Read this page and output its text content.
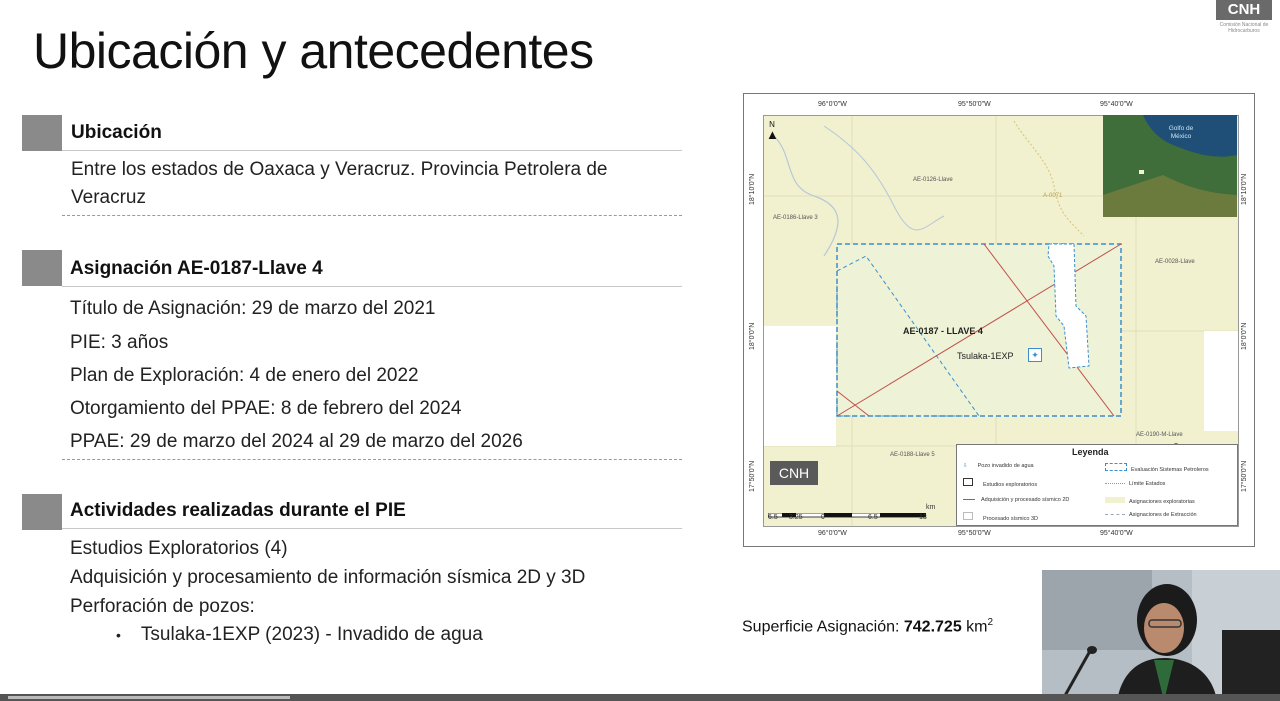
CNH
Comisión Nacional de Hidrocarburos
Ubicación y antecedentes
Ubicación
Entre los estados de Oaxaca y Veracruz. Provincia Petrolera de
Veracruz
Asignación AE-0187-Llave 4
Título de Asignación: 29 de marzo del 2021
PIE: 3 años
Plan de Exploración: 4 de enero del 2022
Otorgamiento del PPAE: 8 de febrero del 2024
PPAE: 29 de marzo del 2024 al 29 de marzo del 2026
Actividades realizadas durante el PIE
Estudios Exploratorios (4)
Adquisición y procesamiento de información sísmica 2D y 3D
Perforación de pozos:
• Tsulaka-1EXP (2023) - Invadido de agua
96°0'0"W	95°50'0"W	95°40'0"W
96°0'0"W	95°50'0"W	95°40'0"W
18°10'0"N
18°0'0"N
17°50'0"N
18°10'0"N
18°0'0"N
17°50'0"N
AE-0126-Llave
AE-0186-Llave 3
AE-0028-Llave
AE-0188-Llave 5
AE-0190-M-Llave
A-0071
AE-0187 - LLAVE 4
Tsulaka-1EXP	✦
N
▲	Golfo de México
CNH
6.5 3.25	0	6.5	13
km
Leyenda
⇩ Pozo invadido de agua
Estudios exploratorios
Adquisición y procesado sísmico 2D
Procesado sísmico 3D
Evaluación Sistemas Petroleros
Límite Estados
Asignaciones exploratorias
Asignaciones de Extracción
Superficie Asignación: 742.725 $km^2$
